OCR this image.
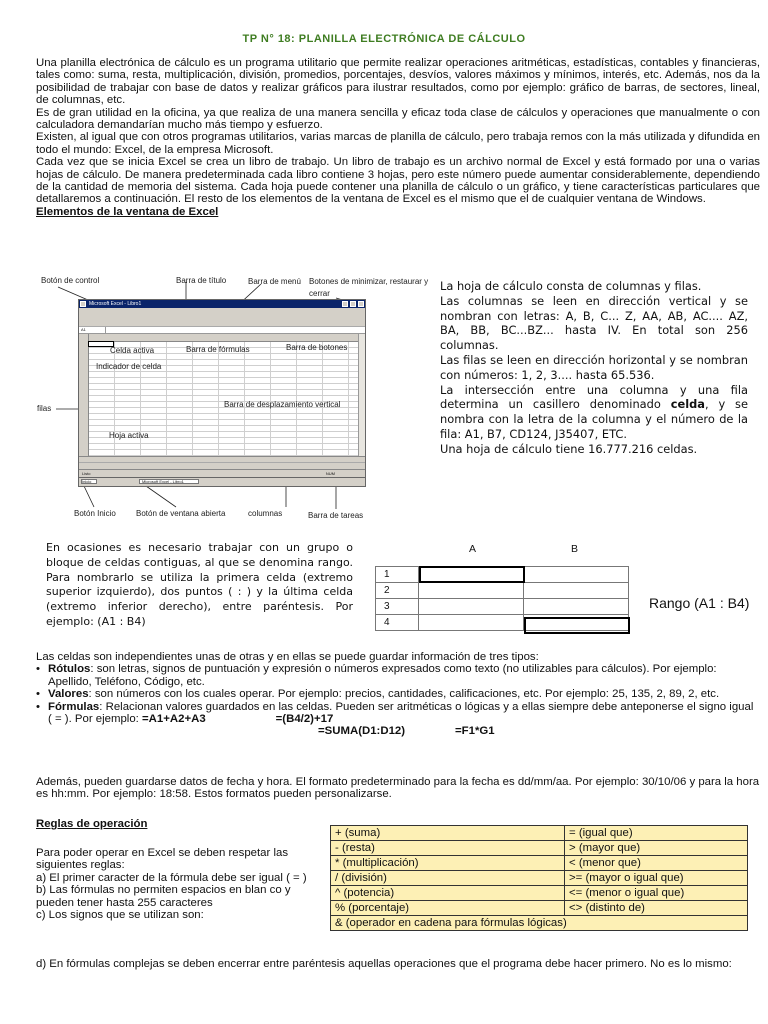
TP N° 18: PLANILLA ELECTRÓNICA DE CÁLCULO

Una planilla electrónica de cálculo es un programa utilitario que permite realizar operaciones aritméticas, estadísticas, contables y financieras, tales como: suma, resta, multiplicación, división, promedios, porcentajes, desvíos, valores máximos y mínimos, interés, etc. Además, nos da la posibilidad de trabajar con base de datos y realizar gráficos para ilustrar resultados, como por ejemplo: gráfico de barras, de sectores, lineal, de columnas, etc.

Es de gran utilidad en la oficina, ya que realiza de una manera sencilla y eficaz toda clase de cálculos y operaciones que manualmente o con calculadora demandarían mucho más tiempo y esfuerzo.

Existen, al igual que con otros programas utilitarios, varias marcas de planilla de cálculo, pero trabaja remos con la más utilizada y difundida en todo el mundo: Excel, de la empresa Microsoft.

Cada vez que se inicia Excel se crea un libro de trabajo. Un libro de trabajo es un archivo normal de Excel y está formado por una o varias hojas de cálculo. De manera predeterminada cada libro contiene 3 hojas, pero este número puede aumentar considerablemente, dependiendo de la cantidad de memoria del sistema. Cada hoja puede contener una planilla de cálculo o un gráfico, y tiene características particulares que detallaremos a continuación. El resto de los elementos de la ventana de Excel es el mismo que el de cualquier ventana de Windows.

Elementos de la ventana de Excel
Botón de control	Barra de título	Barra de menú Botones de minimizar, restaurar y cerrar
Microsoft Excel - Libro1
A1
Listo	NUM
Inicio	Microsoft Excel - Libro1
Celda activa
Indicador de celda
Barra de fórmulas	Barra de botones
filas	Barra de desplazamiento vertical
Hoja activa
Botón Inicio	Botón de ventana abierta	columnas	Barra de tareas
La hoja de cálculo consta de columnas y filas.
Las columnas se leen en dirección vertical y se nombran con letras: A, B, C... Z, AA, AB, AC.... AZ, BA, BB, BC...BZ... hasta IV. En total son 256 columnas.
Las filas se leen en dirección horizontal y se nombran con números: 1, 2, 3.... hasta 65.536.
La intersección entre una columna y una fila determina un casillero denominado celda, y se nombra con la letra de la columna y el número de la fila: A1, B7, CD124, J35407, ETC.
Una hoja de cálculo tiene 16.777.216 celdas.
En ocasiones es necesario trabajar con un grupo o bloque de celdas contiguas, al que se denomina rango. Para nombrarlo se utiliza la primera celda (extremo superior izquierdo), dos puntos ( : ) y la última celda (extremo inferior derecho), entre paréntesis. Por ejemplo: (A1 : B4)
A	B
1		
2		
3		
4		
Rango (A1 : B4)
Las celdas son independientes unas de otras y en ellas se puede guardar información de tres tipos:
• Rótulos: son letras, signos de puntuación y expresión o números expresados como texto (no utilizables para cálculos). Por ejemplo: Apellido, Teléfono, Código, etc.
• Valores: son números con los cuales operar. Por ejemplo: precios, cantidades, calificaciones, etc. Por ejemplo: 25, 135, 2, 89, 2, etc.
• Fórmulas: Relacionan valores guardados en las celdas. Pueden ser aritméticas o lógicas y a ellas siempre debe anteponerse el signo igual ( = ). Por ejemplo: =A1+A2+A3	=(B4/2)+17
=SUMA(D1:D12)	=F1*G1
Además, pueden guardarse datos de fecha y hora. El formato predeterminado para la fecha es dd/mm/aa. Por ejemplo: 30/10/06 y para la hora es hh:mm. Por ejemplo: 18:58. Estos formatos pueden personalizarse.
Reglas de operación
Para poder operar en Excel se deben respetar las siguientes reglas:
a) El primer caracter de la fórmula debe ser igual ( = )
b) Las fórmulas no permiten espacios en blan co y pueden tener hasta 255 caracteres
c) Los signos que se utilizan son:
+ (suma)	= (igual que)
- (resta)	> (mayor que)
* (multiplicación)	< (menor que)
/ (división)	>= (mayor o igual que)
^ (potencia)	<= (menor o igual que)
% (porcentaje)	<> (distinto de)
& (operador en cadena para fórmulas lógicas)	
d) En fórmulas complejas se deben encerrar entre paréntesis aquellas operaciones que el programa debe hacer primero. No es lo mismo:
